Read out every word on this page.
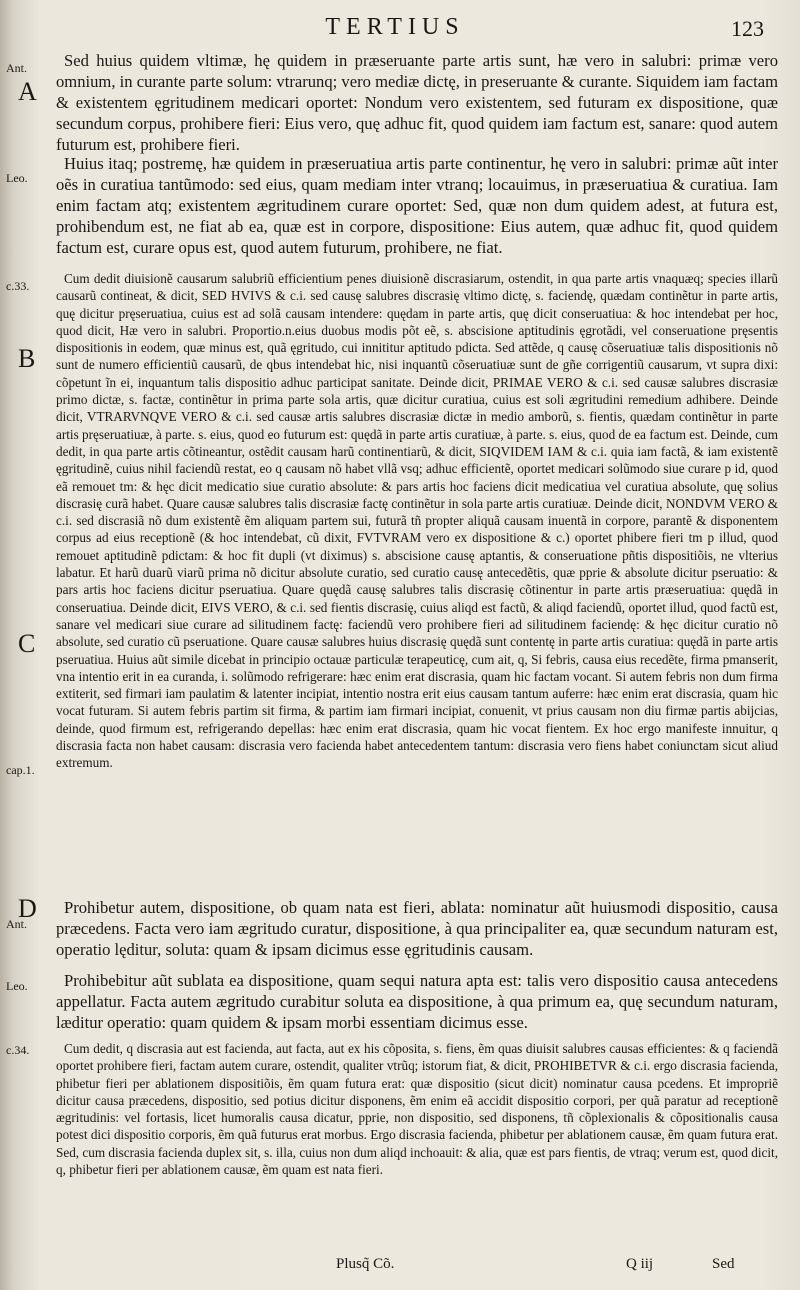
TERTIUS	123
Ant.
A
Leo.
c.33.
B
C
cap.1.
D
Ant.
Leo.
c.34.

Sed huius quidem vltimæ, hę quidem in præseruante parte artis sunt, hæ vero in salubri: primæ vero omnium, in curante parte solum: vtrarunq; vero mediæ dictę, in preseruante & curante. Siquidem iam factam & existentem ęgritudinem medicari oportet: Nondum vero existentem, sed futuram ex dispositione, quæ secundum corpus, prohibere fieri: Eius vero, quę adhuc fit, quod quidem iam factum est, sanare: quod autem futurum est, prohibere fieri.

Huius itaq; postremę, hæ quidem in præseruatiua artis parte continentur, hę vero in salubri: primæ aũt inter oẽs in curatiua tantũmodo: sed eius, quam mediam inter vtranq; locauimus, in præseruatiua & curatiua. Iam enim factam atq; existentem ægritudinem curare oportet: Sed, quæ non dum quidem adest, at futura est, prohibendum est, ne fiat ab ea, quæ est in corpore, dispositione: Eius autem, quæ adhuc fit, quod quidem factum est, curare opus est, quod autem futurum, prohibere, ne fiat.

Cum dedit diuisionẽ causarum salubriũ efficientium penes diuisionẽ discrasiarum, ostendit, in qua parte artis vnaquæq; species illarũ causarũ contineat, & dicit, SED HVIVS & c.i. sed causę salubres discrasię vltimo dictę, s. faciendę, quædam continẽtur in parte artis, quę dicitur pręseruatiua, cuius est ad solã causam intendere: quędam in parte artis, quę dicit conseruatiua: & hoc intendebat per hoc, quod dicit, Hæ vero in salubri. Proportio.n.eius duobus modis põt eẽ, s. abscisione aptitudinis ęgrotãdi, vel conseruatione pręsentis dispositionis in eodem, quæ minus est, quã ęgritudo, cui innititur aptitudo pdicta. Sed attẽde, q causę cõseruatiuæ talis dispositionis nõ sunt de numero efficientiũ causarũ, de qbus intendebat hic, nisi inquantũ cõseruatiuæ sunt de gñe corrigentiũ causarum, vt supra dixi: cõpetunt ĩn ei, inquantum talis dispositio adhuc participat sanitate. Deinde dicit, PRIMAE VERO & c.i. sed causæ salubres discrasiæ primo dictæ, s. factæ, continẽtur in prima parte sola artis, quæ dicitur curatiua, cuius est soli ægritudini remedium adhibere. Deinde dicit, VTRARVNQVE VERO & c.i. sed causæ artis salubres discrasiæ dictæ in medio amborũ, s. fientis, quædam continẽtur in parte artis pręseruatiuæ, à parte. s. eius, quod eo futurum est: quędã in parte artis curatiuæ, à parte. s. eius, quod de ea factum est. Deinde, cum dedit, in qua parte artis cõtineantur, ostẽdit causam harũ continentiarũ, & dicit, SIQVIDEM IAM & c.i. quia iam factã, & iam existentẽ ęgritudinẽ, cuius nihil faciendũ restat, eo q causam nõ habet vllã vsq; adhuc efficientẽ, oportet medicari solũmodo siue curare p id, quod eã remouet tm: & hęc dicit medicatio siue curatio absolute: & pars artis hoc faciens dicit medicatiua vel curatiua absolute, quę solius discrasię curã habet. Quare causæ salubres talis discrasiæ factę continẽtur in sola parte artis curatiuæ. Deinde dicit, NONDVM VERO & c.i. sed discrasiã nõ dum existentẽ ẽm aliquam partem sui, futurã tñ propter aliquã causam inuentã in corpore, parantẽ & disponentem corpus ad eius receptionẽ (& hoc intendebat, cũ dixit, FVTVRAM vero ex dispositione & c.) oportet phibere fieri tm p illud, quod remouet aptitudinẽ pdictam: & hoc fit dupli (vt diximus) s. abscisione causę aptantis, & conseruatione pñtis dispositiõis, ne vlterius labatur. Et harũ duarũ viarũ prima nõ dicitur absolute curatio, sed curatio causę antecedẽtis, quæ pprie & absolute dicitur pseruatio: & pars artis hoc faciens dicitur pseruatiua. Quare quędã causę salubres talis discrasię cõtinentur in parte artis præseruatiua: quędã in conseruatiua. Deinde dicit, EIVS VERO, & c.i. sed fientis discrasię, cuius aliqd est factũ, & aliqd faciendũ, oportet illud, quod factũ est, sanare vel medicari siue curare ad silitudinem factę: faciendũ vero prohibere fieri ad silitudinem faciendę: & hęc dicitur curatio nõ absolute, sed curatio cũ pseruatione. Quare causæ salubres huius discrasię quędã sunt contentę in parte artis curatiua: quędã in parte artis pseruatiua. Huius aũt simile dicebat in principio octauæ particulæ terapeuticę, cum ait, q, Si febris, causa eius recedẽte, firma pmanserit, vna intentio erit in ea curanda, i. solũmodo refrigerare: hæc enim erat discrasia, quam hic factam vocant. Si autem febris non dum firma extiterit, sed firmari iam paulatim & latenter incipiat, intentio nostra erit eius causam tantum auferre: hæc enim erat discrasia, quam hic vocat futuram. Si autem febris partim sit firma, & partim iam firmari incipiat, conuenit, vt prius causam non diu firmæ partis abijcias, deinde, quod firmum est, refrigerando depellas: hæc enim erat discrasia, quam hic vocat fientem. Ex hoc ergo manifeste innuitur, q discrasia facta non habet causam: discrasia vero facienda habet antecedentem tantum: discrasia vero fiens habet coniunctam sicut aliud extremum.

Prohibetur autem, dispositione, ob quam nata est fieri, ablata: nominatur aũt huiusmodi dispositio, causa præcedens. Facta vero iam ægritudo curatur, dispositione, à qua principaliter ea, quæ secundum naturam est, operatio lęditur, soluta: quam & ipsam dicimus esse ęgritudinis causam.

Prohibebitur aũt sublata ea dispositione, quam sequi natura apta est: talis vero dispositio causa antecedens appellatur. Facta autem ægritudo curabitur soluta ea dispositione, à qua primum ea, quę secundum naturam, læditur operatio: quam quidem & ipsam morbi essentiam dicimus esse.

Cum dedit, q discrasia aut est facienda, aut facta, aut ex his cõposita, s. fiens, ẽm quas diuisit salubres causas efficientes: & q faciendã oportet prohibere fieri, factam autem curare, ostendit, qualiter vtrũq; istorum fiat, & dicit, PROHIBETVR & c.i. ergo discrasia facienda, phibetur fieri per ablationem dispositiõis, ẽm quam futura erat: quæ dispositio (sicut dicit) nominatur causa pcedens. Et impropriẽ dicitur causa præcedens, dispositio, sed potius dicitur disponens, ẽm enim eã accidit dispositio corpori, per quã paratur ad receptionẽ ægritudinis: vel fortasis, licet humoralis causa dicatur, pprie, non dispositio, sed disponens, tñ cõplexionalis & cõpositionalis causa potest dici dispositio corporis, ẽm quã futurus erat morbus. Ergo discrasia facienda, phibetur per ablationem causæ, ẽm quam futura erat. Sed, cum discrasia facienda duplex sit, s. illa, cuius non dum aliqd inchoauit: & alia, quæ est pars fientis, de vtraq; verum est, quod dicit, q, phibetur fieri per ablationem causæ, ẽm quam est nata fieri.

Plusq̃ Cõ.	Q iij	Sed
